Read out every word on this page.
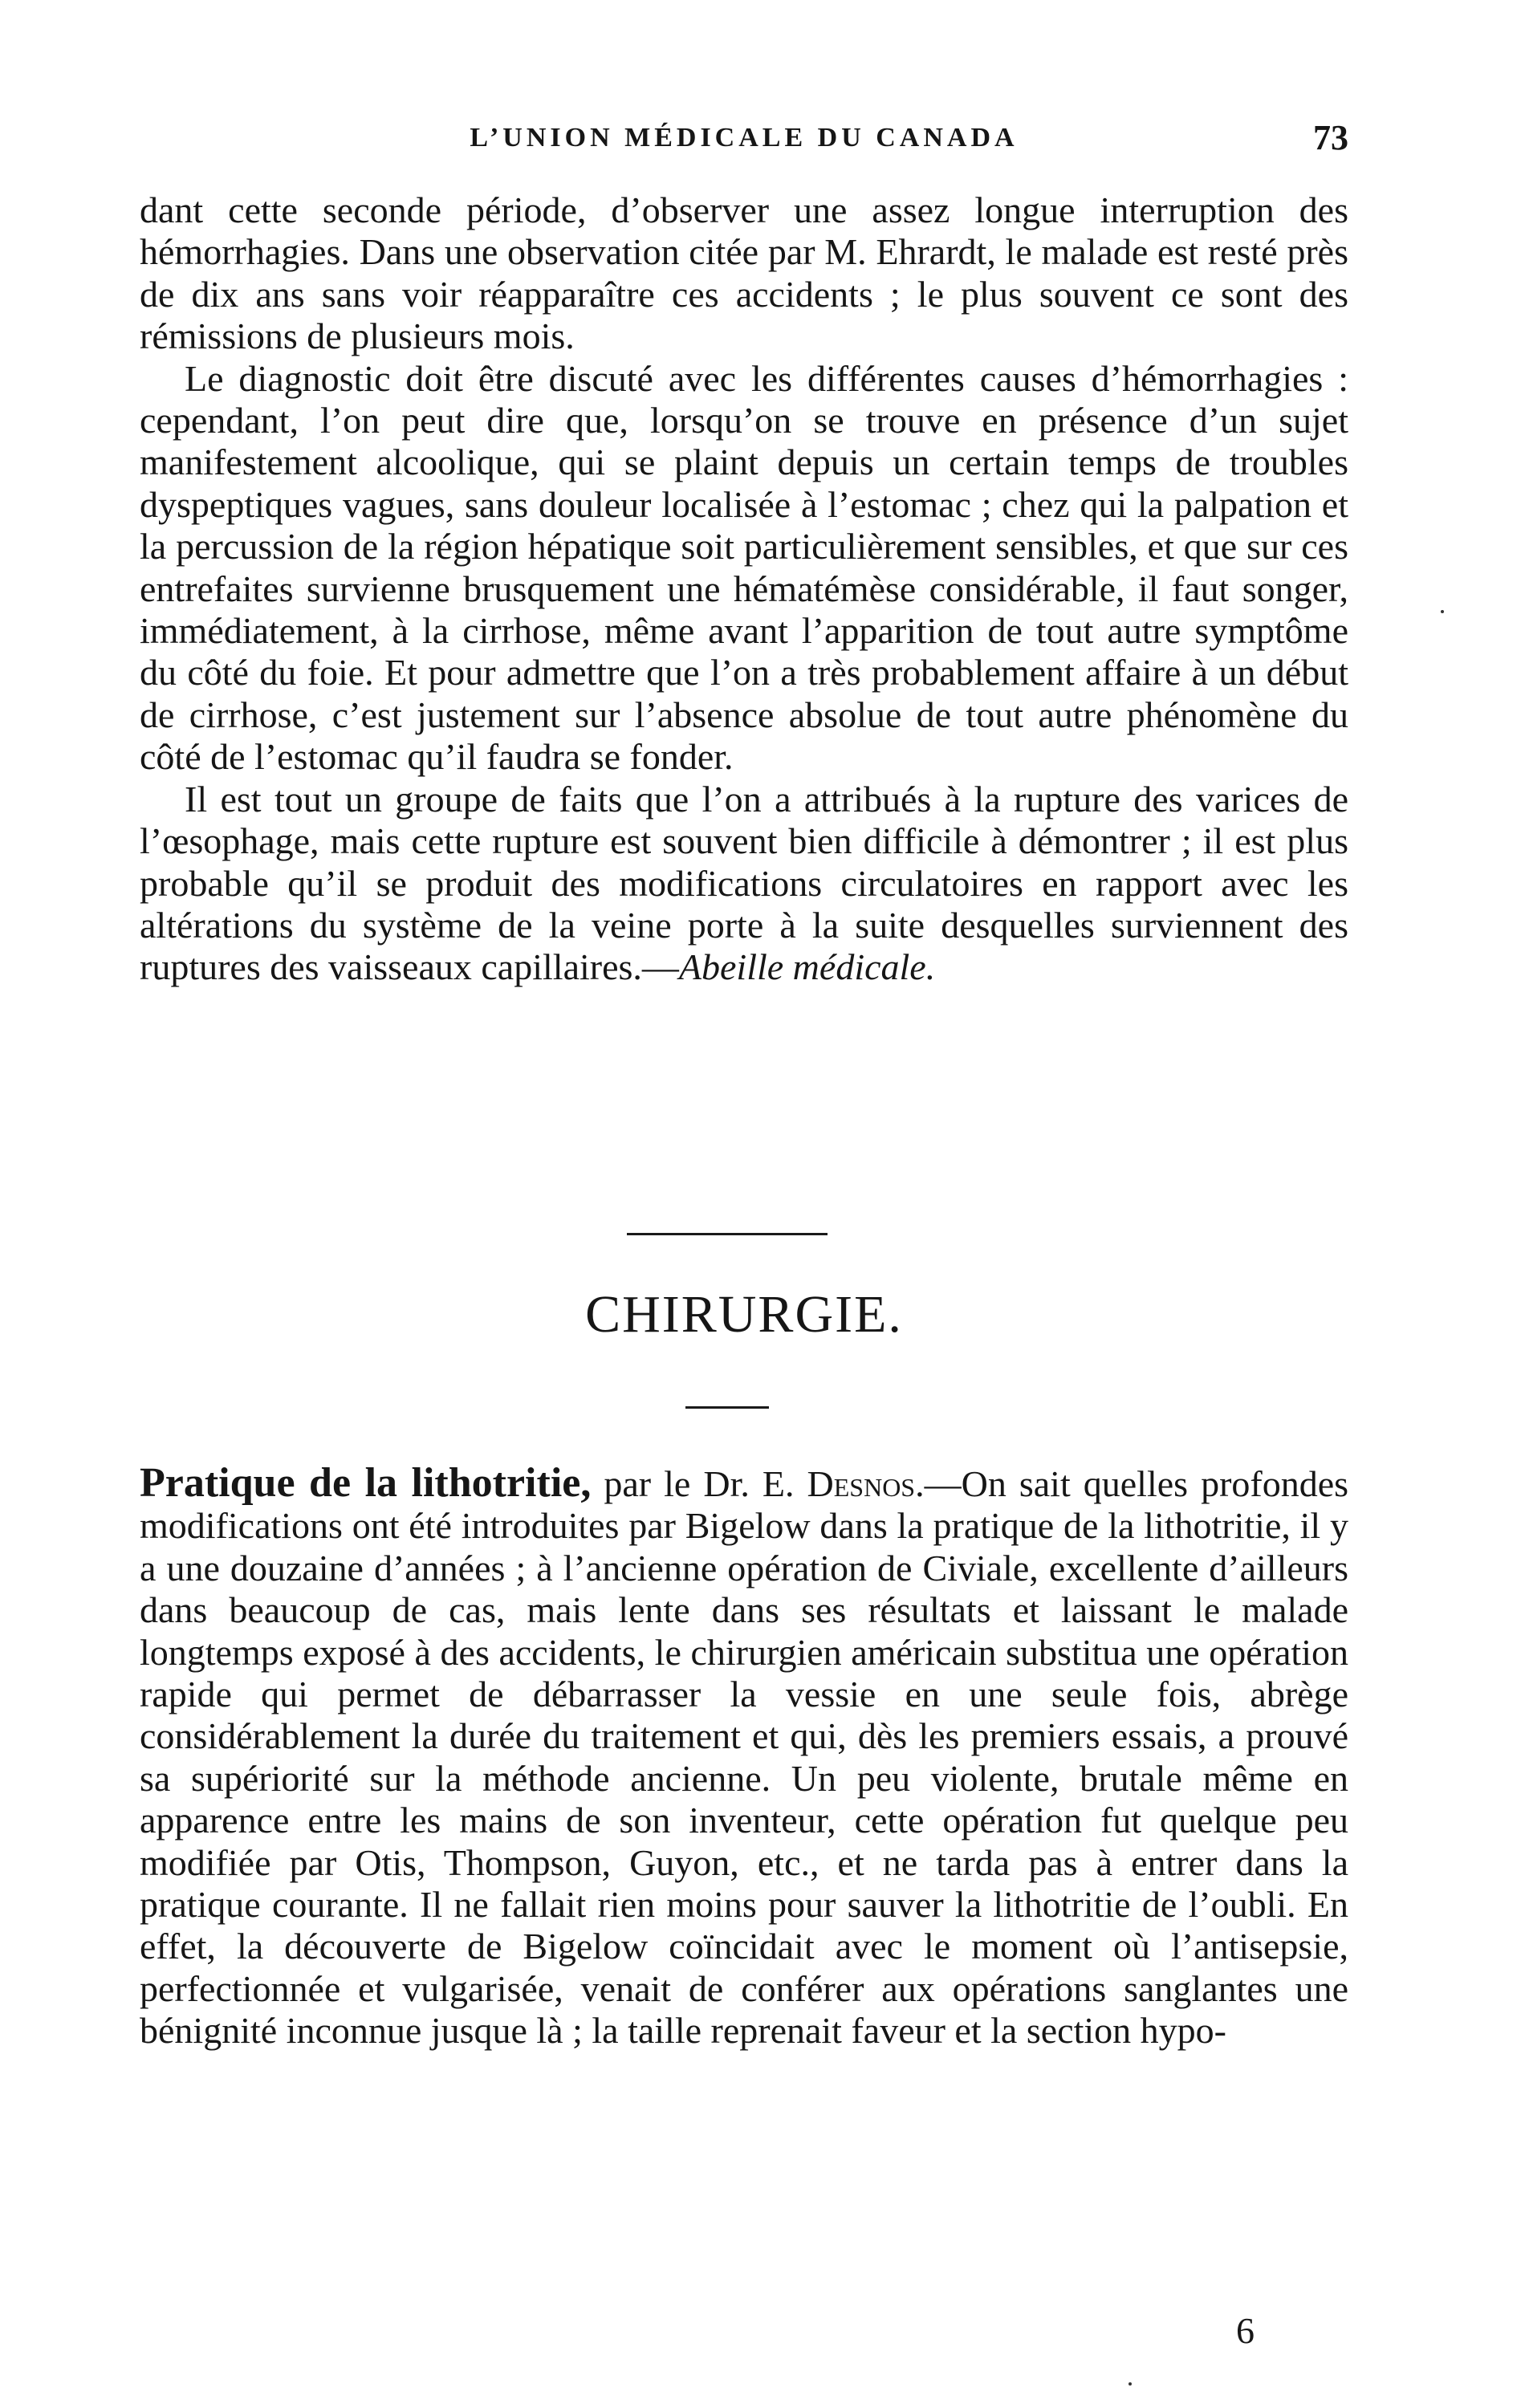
L’UNION MÉDICALE DU CANADA	73

dant cette seconde période, d’observer une assez longue interruption des hémorrhagies. Dans une observation citée par M. Ehrardt, le malade est resté près de dix ans sans voir réapparaître ces accidents ; le plus souvent ce sont des rémissions de plusieurs mois.

Le diagnostic doit être discuté avec les différentes causes d’hémorrhagies : cependant, l’on peut dire que, lorsqu’on se trouve en présence d’un sujet manifestement alcoolique, qui se plaint depuis un certain temps de troubles dyspeptiques vagues, sans douleur localisée à l’estomac ; chez qui la palpation et la percussion de la région hépatique soit particulièrement sensibles, et que sur ces entrefaites survienne brusquement une hématémèse considérable, il faut songer, immédiatement, à la cirrhose, même avant l’apparition de tout autre symptôme du côté du foie. Et pour admettre que l’on a très probablement affaire à un début de cirrhose, c’est justement sur l’absence absolue de tout autre phénomène du côté de l’estomac qu’il faudra se fonder.

Il est tout un groupe de faits que l’on a attribués à la rupture des varices de l’œsophage, mais cette rupture est souvent bien difficile à démontrer ; il est plus probable qu’il se produit des modifications circulatoires en rapport avec les altérations du système de la veine porte à la suite desquelles surviennent des ruptures des vaisseaux capillaires.—Abeille médicale.

CHIRURGIE.

Pratique de la lithotritie, par le Dr. E. Desnos.—On sait quelles profondes modifications ont été introduites par Bigelow dans la pratique de la lithotritie, il y a une douzaine d’années ; à l’ancienne opération de Civiale, excellente d’ailleurs dans beaucoup de cas, mais lente dans ses résultats et laissant le malade longtemps exposé à des accidents, le chirurgien américain substitua une opération rapide qui permet de débarrasser la vessie en une seule fois, abrège considérablement la durée du traitement et qui, dès les premiers essais, a prouvé sa supériorité sur la méthode ancienne. Un peu violente, brutale même en apparence entre les mains de son inventeur, cette opération fut quelque peu modifiée par Otis, Thompson, Guyon, etc., et ne tarda pas à entrer dans la pratique courante. Il ne fallait rien moins pour sauver la lithotritie de l’oubli. En effet, la découverte de Bigelow coïncidait avec le moment où l’antisepsie, perfectionnée et vulgarisée, venait de conférer aux opérations sanglantes une bénignité inconnue jusque là ; la taille reprenait faveur et la section hypo-

6
